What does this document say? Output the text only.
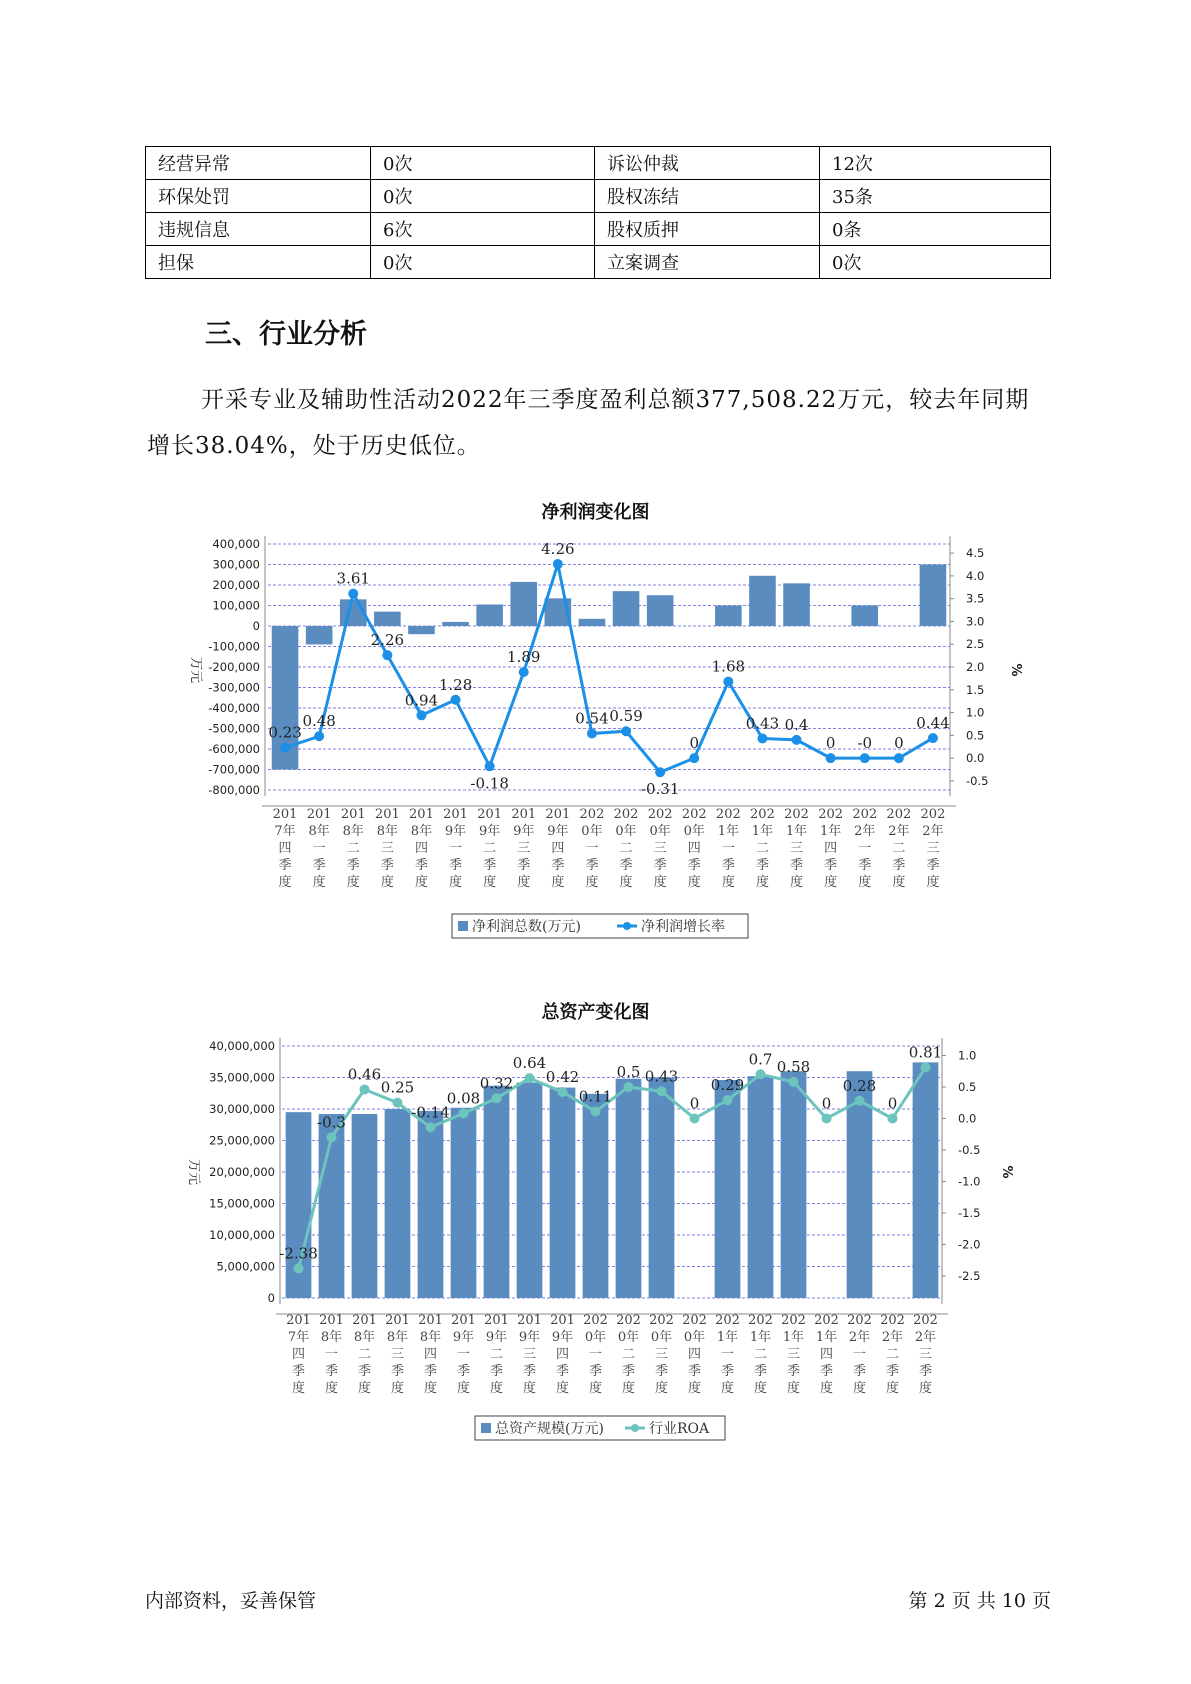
经营异常	0次	诉讼仲裁	12次
环保处罚	0次	股权冻结	35条
违规信息	6次	股权质押	0条
担保	0次	立案调查	0次
三、行业分析
开采专业及辅助性活动2022年三季度盈利总额377,508.22万元，较去年同期增长38.04%，处于历史低位。
净利润变化图
400,000
300,000
200,000
100,000
0
-100,000
-200,000
-300,000
-400,000
-500,000
-600,000
-700,000
-800,000
4.5
4.0
3.5
3.0
2.5
2.0
1.5
1.0
0.5
0.0
-0.5
万元	%
0.23
0.48
3.61
2.26
0.94
1.28
-0.18
1.89
4.26
0.54 0.59
-0.31
0
1.68
0.43 0.4
0 -0 0
0.44
201
7年
四
季
度
201
8年
一
季
度
201
8年
二
季
度
201
8年
三
季
度
201
8年
四
季
度
201
9年
一
季
度
201
9年
二
季
度
201
9年
三
季
度
201
9年
四
季
度
202
0年
一
季
度
202
0年
二
季
度
202
0年
三
季
度
202
0年
四
季
度
202
1年
一
季
度
202
1年
二
季
度
202
1年
三
季
度
202
1年
四
季
度
202
2年
一
季
度
202
2年
二
季
度
202
2年
三
季
度
净利润总数(万元)	净利润增长率
总资产变化图
40,000,000
35,000,000
30,000,000
25,000,000
20,000,000
15,000,000
10,000,000
5,000,000
0
1.0
0.5
0.0
-0.5
-1.0
-1.5
-2.0
-2.5
万元	%
-2.38
-0.3
0.46
0.25
-0.14
0.08
0.32
0.64
0.42
0.11
0.5 0.43
0
0.29
0.7 0.58
0
0.28
0
0.81
201
7年
四
季
度
201
8年
一
季
度
201
8年
二
季
度
201
8年
三
季
度
201
8年
四
季
度
201
9年
一
季
度
201
9年
二
季
度
201
9年
三
季
度
201
9年
四
季
度
202
0年
一
季
度
202
0年
二
季
度
202
0年
三
季
度
202
0年
四
季
度
202
1年
一
季
度
202
1年
二
季
度
202
1年
三
季
度
202
1年
四
季
度
202
2年
一
季
度
202
2年
二
季
度
202
2年
三
季
度
总资产规模(万元)	行业ROA
内部资料，妥善保管	第 2 页 共 10 页
